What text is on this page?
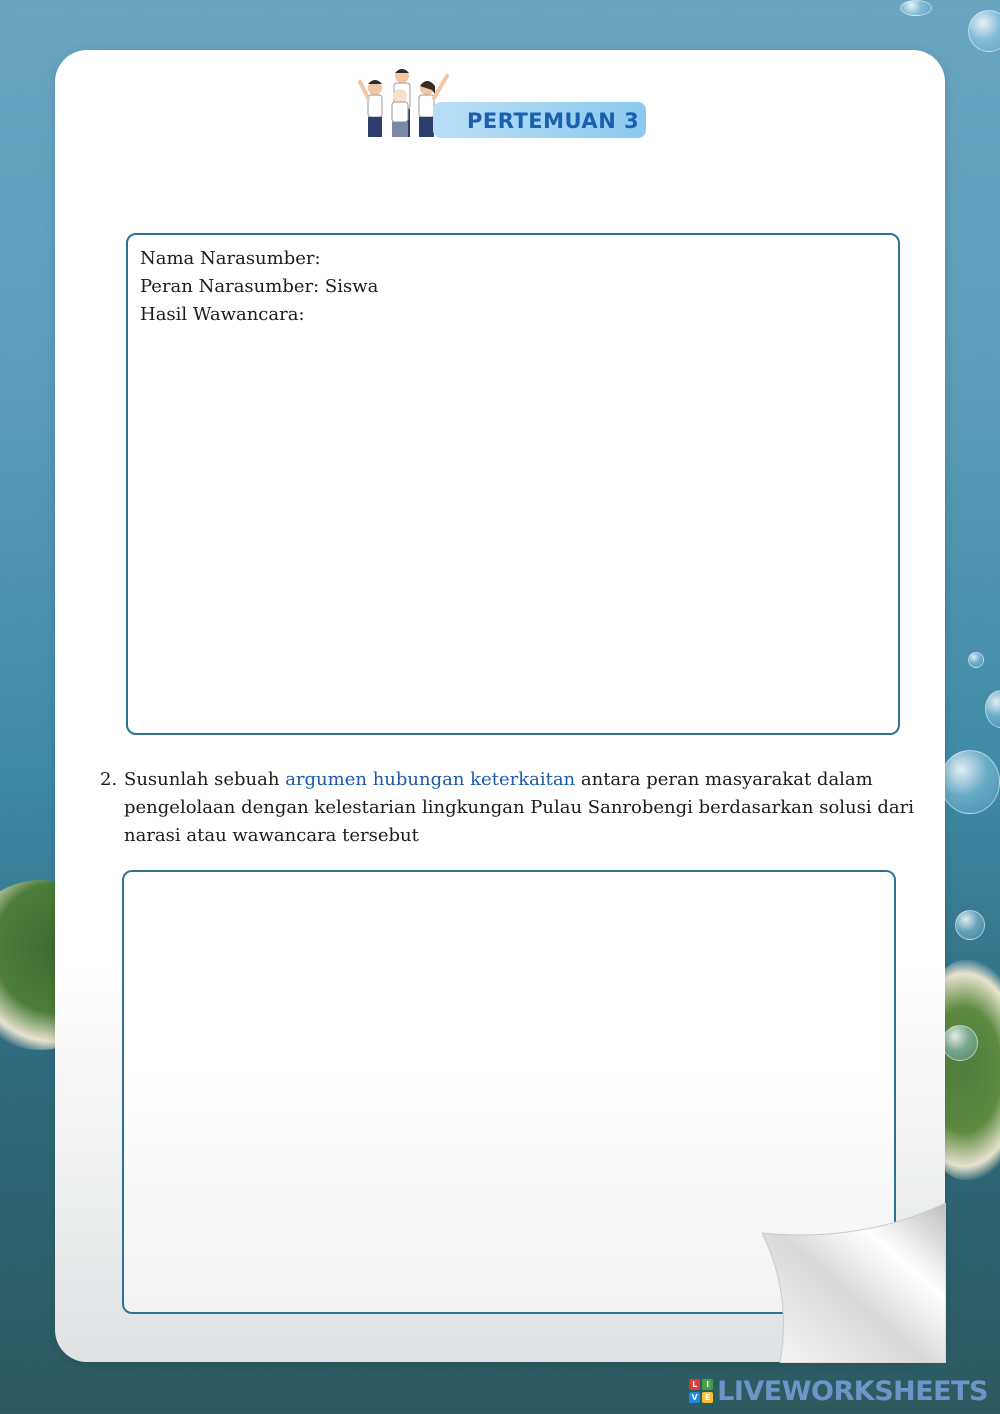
PERTEMUAN 3
Nama Narasumber:
Peran Narasumber: Siswa
Hasil Wawancara:
2. Susunlah sebuah argumen hubungan keterkaitan antara peran masyarakat dalam pengelolaan dengan kelestarian lingkungan Pulau Sanrobengi berdasarkan solusi dari narasi atau wawancara tersebut
L	I
V E LIVEWORKSHEETS
